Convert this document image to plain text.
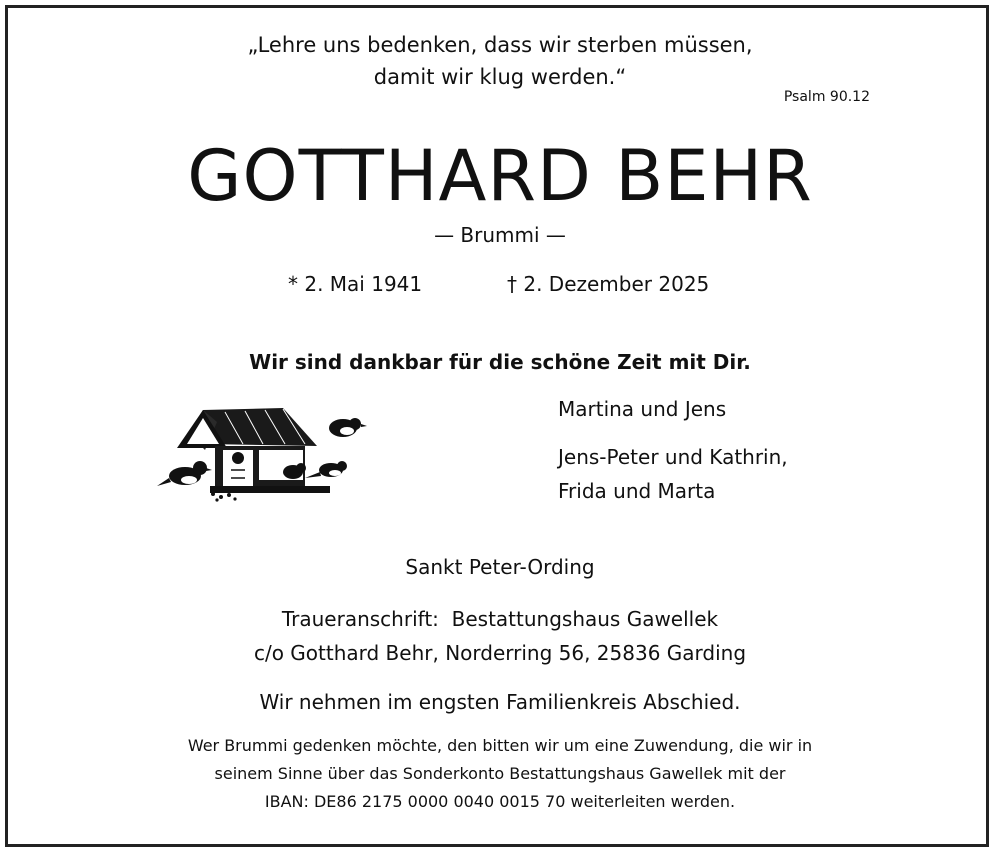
„Lehre uns bedenken, dass wir sterben müssen,
damit wir klug werden.“
Psalm 90.12
GOTTHARD BEHR
— Brummi —
* 2. Mai 1941	† 2. Dezember 2025
Wir sind dankbar für die schöne Zeit mit Dir.
Martina und Jens
Jens-Peter und Kathrin,
Frida und Marta
Sankt Peter-Ording
Traueranschrift:  Bestattungshaus Gawellek
c/o Gotthard Behr, Norderring 56, 25836 Garding
Wir nehmen im engsten Familienkreis Abschied.
Wer Brummi gedenken möchte, den bitten wir um eine Zuwendung, die wir in
seinem Sinne über das Sonderkonto Bestattungshaus Gawellek mit der
IBAN: DE86 2175 0000 0040 0015 70 weiterleiten werden.
